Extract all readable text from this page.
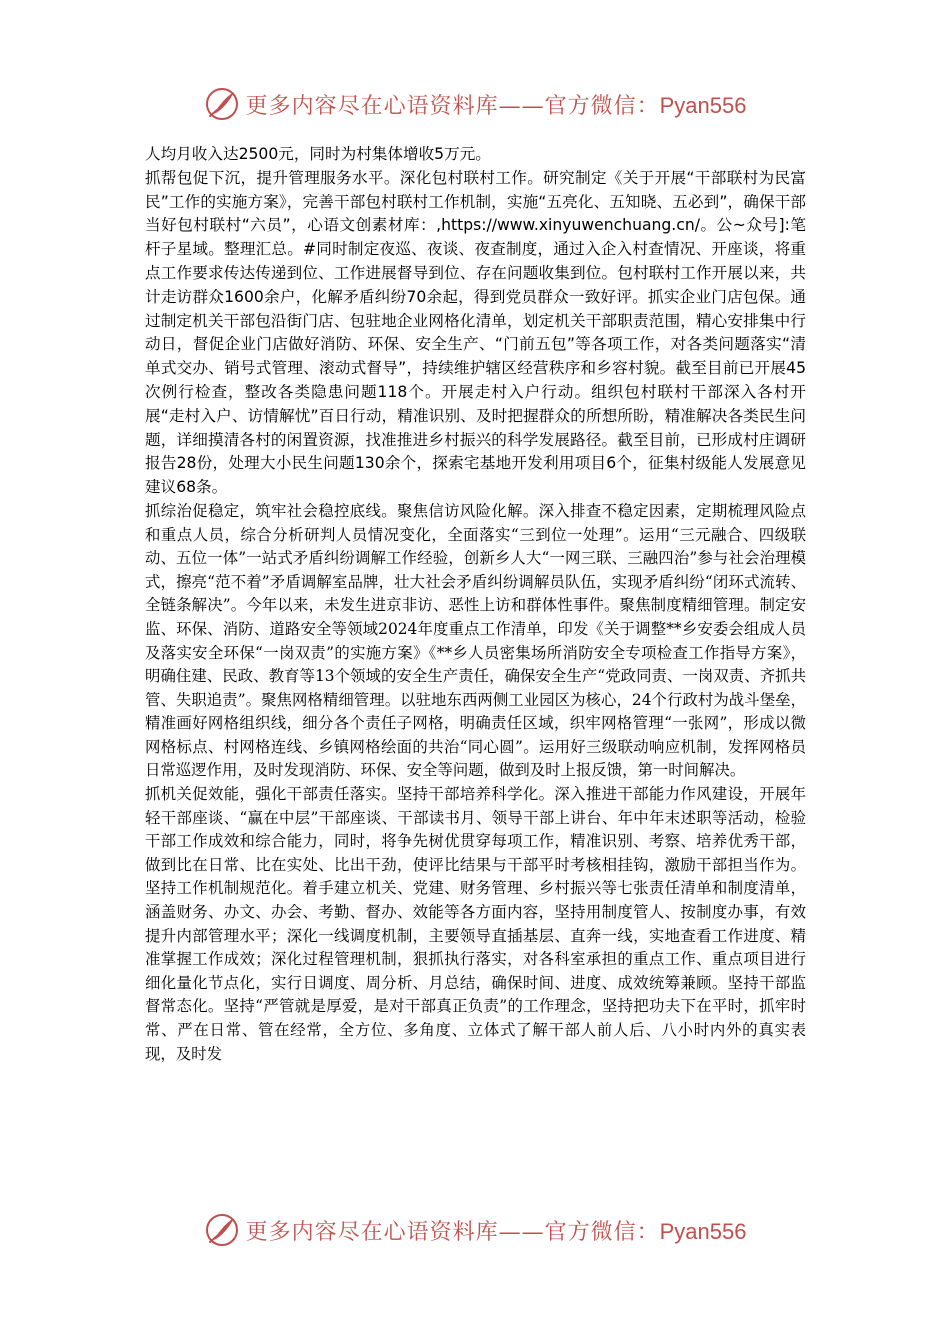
更多内容尽在心语资料库——官方微信：Pyan556

人均月收入达2500元，同时为村集体增收5万元。

抓帮包促下沉，提升管理服务水平。深化包村联村工作。研究制定《关于开展“干部联村为民富民”工作的实施方案》，完善干部包村联村工作机制，实施“五亮化、五知晓、五必到”，确保干部当好包村联村“六员”，心语文创素材库：,https://www.xinyuwenchuang.cn/。公~众号]:笔杆子星域。整理汇总。#同时制定夜巡、夜谈、夜查制度，通过入企入村查情况、开座谈，将重点工作要求传达传递到位、工作进展督导到位、存在问题收集到位。包村联村工作开展以来，共计走访群众1600余户，化解矛盾纠纷70余起，得到党员群众一致好评。抓实企业门店包保。通过制定机关干部包沿街门店、包驻地企业网格化清单，划定机关干部职责范围，精心安排集中行动日，督促企业门店做好消防、环保、安全生产、“门前五包”等各项工作，对各类问题落实“清单式交办、销号式管理、滚动式督导”，持续维护辖区经营秩序和乡容村貌。截至目前已开展45次例行检查，整改各类隐患问题118个。开展走村入户行动。组织包村联村干部深入各村开展“走村入户、访情解忧”百日行动，精准识别、及时把握群众的所想所盼，精准解决各类民生问题，详细摸清各村的闲置资源，找准推进乡村振兴的科学发展路径。截至目前，已形成村庄调研报告28份，处理大小民生问题130余个，探索宅基地开发利用项目6个，征集村级能人发展意见建议68条。

抓综治促稳定，筑牢社会稳控底线。聚焦信访风险化解。深入排查不稳定因素，定期梳理风险点和重点人员，综合分析研判人员情况变化，全面落实“三到位一处理”。运用“三元融合、四级联动、五位一体”一站式矛盾纠纷调解工作经验，创新乡人大“一网三联、三融四治”参与社会治理模式，擦亮“范不着”矛盾调解室品牌，壮大社会矛盾纠纷调解员队伍，实现矛盾纠纷“闭环式流转、全链条解决”。今年以来，未发生进京非访、恶性上访和群体性事件。聚焦制度精细管理。制定安监、环保、消防、道路安全等领域2024年度重点工作清单，印发《关于调整**乡安委会组成人员及落实安全环保“一岗双责”的实施方案》《**乡人员密集场所消防安全专项检查工作指导方案》，明确住建、民政、教育等13个领域的安全生产责任，确保安全生产“党政同责、一岗双责、齐抓共管、失职追责”。聚焦网格精细管理。以驻地东西两侧工业园区为核心，24个行政村为战斗堡垒，精准画好网格组织线，细分各个责任子网格，明确责任区域，织牢网格管理“一张网”，形成以微网格标点、村网格连线、乡镇网格绘面的共治“同心圆”。运用好三级联动响应机制，发挥网格员日常巡逻作用，及时发现消防、环保、安全等问题，做到及时上报反馈，第一时间解决。

抓机关促效能，强化干部责任落实。坚持干部培养科学化。深入推进干部能力作风建设，开展年轻干部座谈、“赢在中层”干部座谈、干部读书月、领导干部上讲台、年中年末述职等活动，检验干部工作成效和综合能力，同时，将争先树优贯穿每项工作，精准识别、考察、培养优秀干部，做到比在日常、比在实处、比出干劲，使评比结果与干部平时考核相挂钩，激励干部担当作为。坚持工作机制规范化。着手建立机关、党建、财务管理、乡村振兴等七张责任清单和制度清单，涵盖财务、办文、办会、考勤、督办、效能等各方面内容，坚持用制度管人、按制度办事，有效提升内部管理水平；深化一线调度机制，主要领导直插基层、直奔一线，实地查看工作进度、精准掌握工作成效；深化过程管理机制，狠抓执行落实，对各科室承担的重点工作、重点项目进行细化量化节点化，实行日调度、周分析、月总结，确保时间、进度、成效统筹兼顾。坚持干部监督常态化。坚持“严管就是厚爱，是对干部真正负责”的工作理念，坚持把功夫下在平时，抓牢时常、严在日常、管在经常，全方位、多角度、立体式了解干部人前人后、八小时内外的真实表现，及时发

更多内容尽在心语资料库——官方微信：Pyan556
